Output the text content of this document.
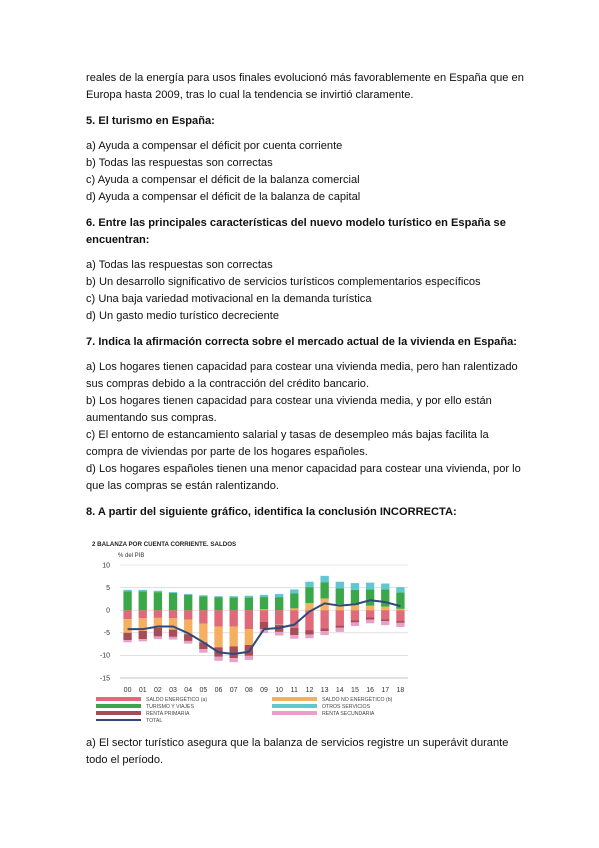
reales de la energía para usos finales evolucionó más favorablemente en España que en Europa hasta 2009, tras lo cual la tendencia se invirtió claramente.

5. El turismo en España:

a) Ayuda a compensar el déficit por cuenta corriente

b) Todas las respuestas son correctas

c) Ayuda a compensar el déficit de la balanza comercial

d) Ayuda a compensar el déficit de la balanza de capital

6. Entre las principales características del nuevo modelo turístico en España se encuentran:

a) Todas las respuestas son correctas

b) Un desarrollo significativo de servicios turísticos complementarios específicos

c) Una baja variedad motivacional en la demanda turística

d) Un gasto medio turístico decreciente

7. Indica la afirmación correcta sobre el mercado actual de la vivienda en España:

a) Los hogares tienen capacidad para costear una vivienda media, pero han ralentizado sus compras debido a la contracción del crédito bancario.

b) Los hogares tienen capacidad para costear una vivienda media, y por ello están aumentando sus compras.

c) El entorno de estancamiento salarial y tasas de desempleo más bajas facilita la compra de viviendas por parte de los hogares españoles.

d) Los hogares españoles tienen una menor capacidad para costear una vivienda, por lo que las compras se están ralentizando.

8. A partir del siguiente gráfico, identifica la conclusión INCORRECTA:

2 BALANZA POR CUENTA CORRIENTE. SALDOS
% del PIB
10
5
0
-5
-10
-15
00 01 02 03 04 05 06 07 08 09 10 11 12 13 14 15 16 17 18
SALDO ENERGÉTICO (a)	SALDO NO ENERGÉTICO (b)
TURISMO Y VIAJES	OTROS SERVICIOS
RENTA PRIMARIA	RENTA SECUNDARIA
TOTAL

a) El sector turístico asegura que la balanza de servicios registre un superávit durante todo el período.
